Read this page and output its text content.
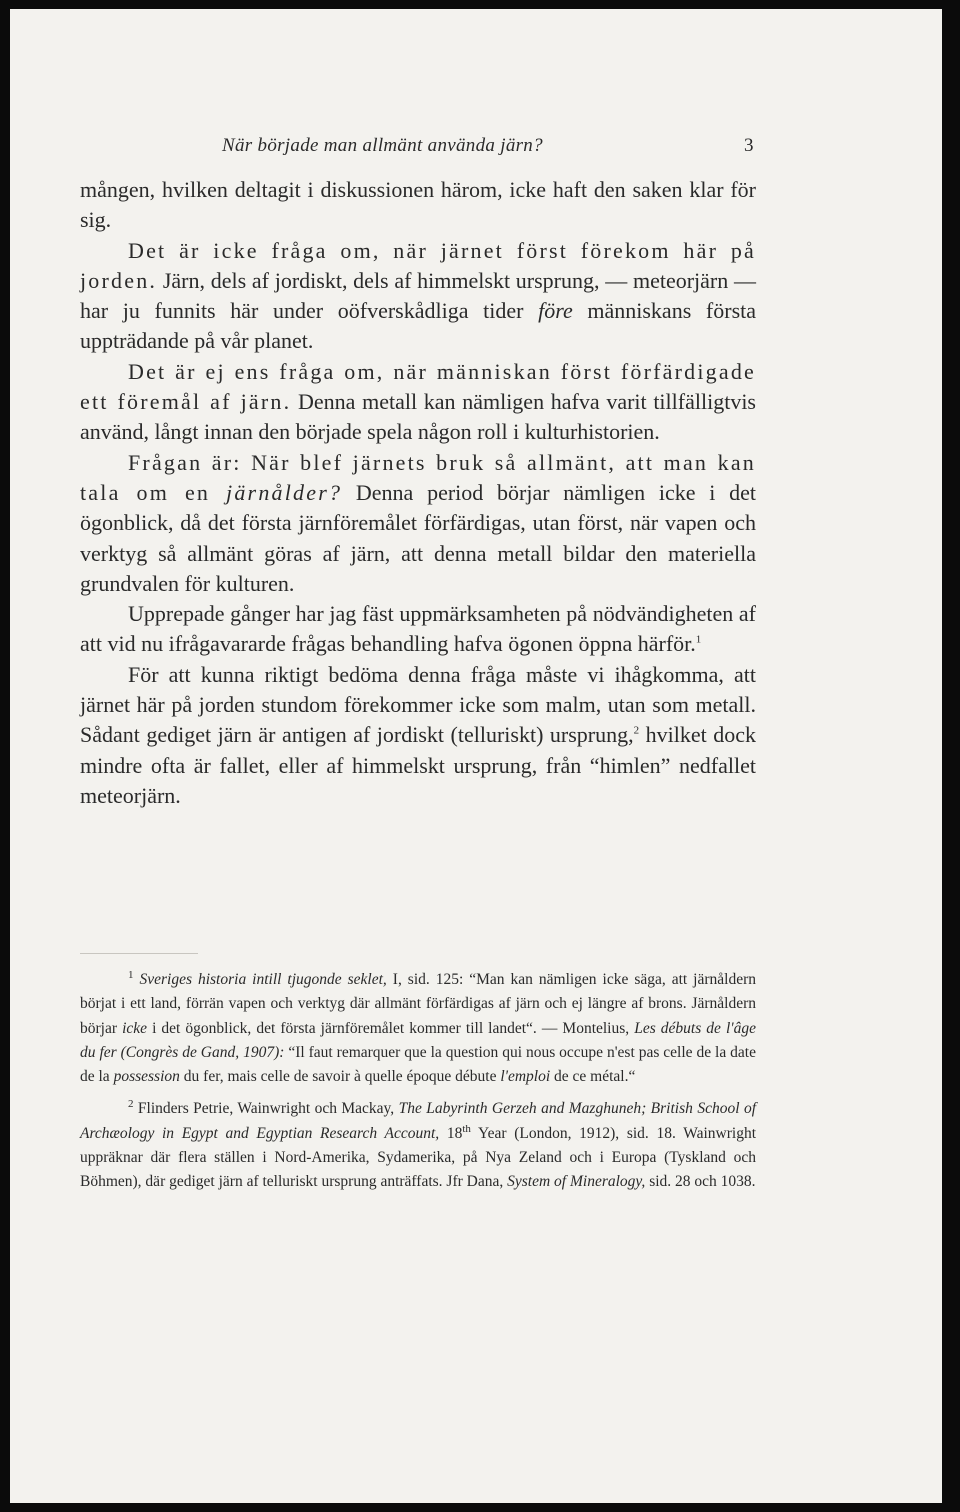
När började man allmänt använda järn?	3

mången, hvilken deltagit i diskussionen härom, icke haft den saken klar för sig.

Det är icke fråga om, när järnet först förekom här på jorden. Järn, dels af jordiskt, dels af himmelskt ursprung, — meteorjärn — har ju funnits här under oöfverskådliga tider före människans första uppträdande på vår planet.

Det är ej ens fråga om, när människan först förfärdigade ett föremål af järn. Denna metall kan nämligen hafva varit tillfälligtvis använd, långt innan den började spela någon roll i kulturhistorien.

Frågan är: När blef järnets bruk så allmänt, att man kan tala om en järnålder? Denna period börjar nämligen icke i det ögonblick, då det första järnföremålet förfärdigas, utan först, när vapen och verktyg så allmänt göras af järn, att denna metall bildar den materiella grundvalen för kulturen.

Upprepade gånger har jag fäst uppmärksamheten på nödvändigheten af att vid nu ifrågavararde frågas behandling hafva ögonen öppna härför.$^1$

För att kunna riktigt bedöma denna fråga måste vi ihågkomma, att järnet här på jorden stundom förekommer icke som malm, utan som metall. Sådant gediget järn är antigen af jordiskt (telluriskt) ursprung,$^2$ hvilket dock mindre ofta är fallet, eller af himmelskt ursprung, från “himlen” nedfallet meteorjärn.

$^1$ Sveriges historia intill tjugonde seklet, I, sid. 125: “Man kan nämligen icke säga, att järnåldern börjat i ett land, förrän vapen och verktyg där allmänt förfärdigas af järn och ej längre af brons. Järnåldern börjar icke i det ögonblick, det första järnföremålet kommer till landet“. — Montelius, Les débuts de l'âge du fer (Congrès de Gand, 1907): “Il faut remarquer que la question qui nous occupe n'est pas celle de la date de la possession du fer, mais celle de savoir à quelle époque débute l'emploi de ce métal.“

$^2$ Flinders Petrie, Wainwright och Mackay, The Labyrinth Gerzeh and Mazghuneh; British School of Archæology in Egypt and Egyptian Research Account, 18th Year (London, 1912), sid. 18. Wainwright uppräknar där flera ställen i Nord-Amerika, Sydamerika, på Nya Zeland och i Europa (Tyskland och Böhmen), där gediget järn af telluriskt ursprung anträffats. Jfr Dana, System of Mineralogy, sid. 28 och 1038.
